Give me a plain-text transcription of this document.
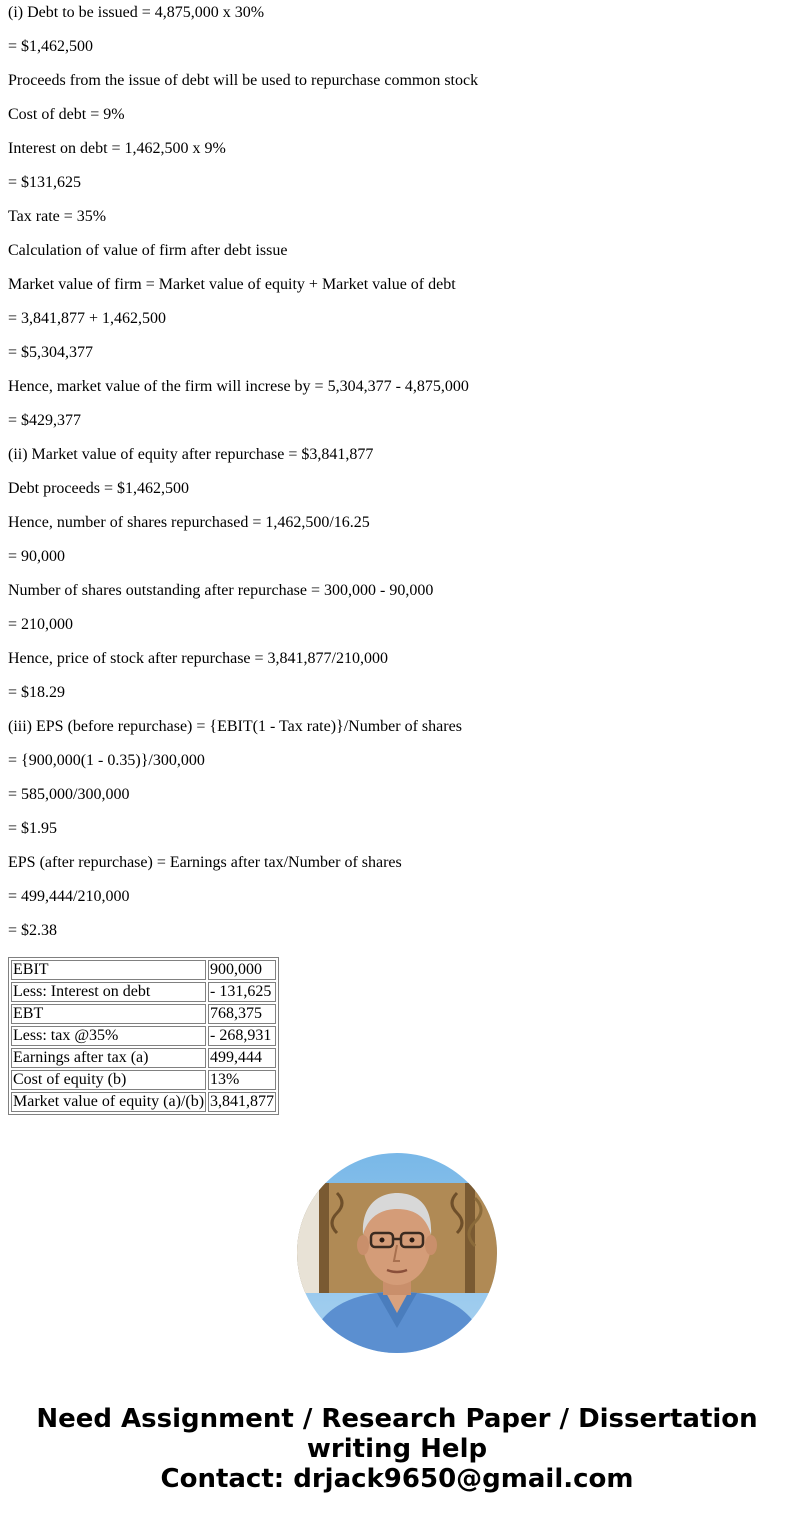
(i) Debt to be issued = 4,875,000 x 30%
= $1,462,500
Proceeds from the issue of debt will be used to repurchase common stock
Cost of debt = 9%
Interest on debt = 1,462,500 x 9%
= $131,625
Tax rate = 35%
Calculation of value of firm after debt issue
Market value of firm = Market value of equity + Market value of debt
= 3,841,877 + 1,462,500
= $5,304,377
Hence, market value of the firm will increse by = 5,304,377 - 4,875,000
= $429,377
(ii) Market value of equity after repurchase = $3,841,877
Debt proceeds = $1,462,500
Hence, number of shares repurchased = 1,462,500/16.25
= 90,000
Number of shares outstanding after repurchase = 300,000 - 90,000
= 210,000
Hence, price of stock after repurchase = 3,841,877/210,000
= $18.29
(iii) EPS (before repurchase) = {EBIT(1 - Tax rate)}/Number of shares
= {900,000(1 - 0.35)}/300,000
= 585,000/300,000
= $1.95
EPS (after repurchase) = Earnings after tax/Number of shares
= 499,444/210,000
= $2.38
EBIT	900,000
Less: Interest on debt	- 131,625
EBT	768,375
Less: tax @35%	- 268,931
Earnings after tax (a)	499,444
Cost of equity (b)	13%
Market value of equity (a)/(b)	3,841,877
Need Assignment / Research Paper / Dissertation
writing Help
Contact: drjack9650@gmail.com
